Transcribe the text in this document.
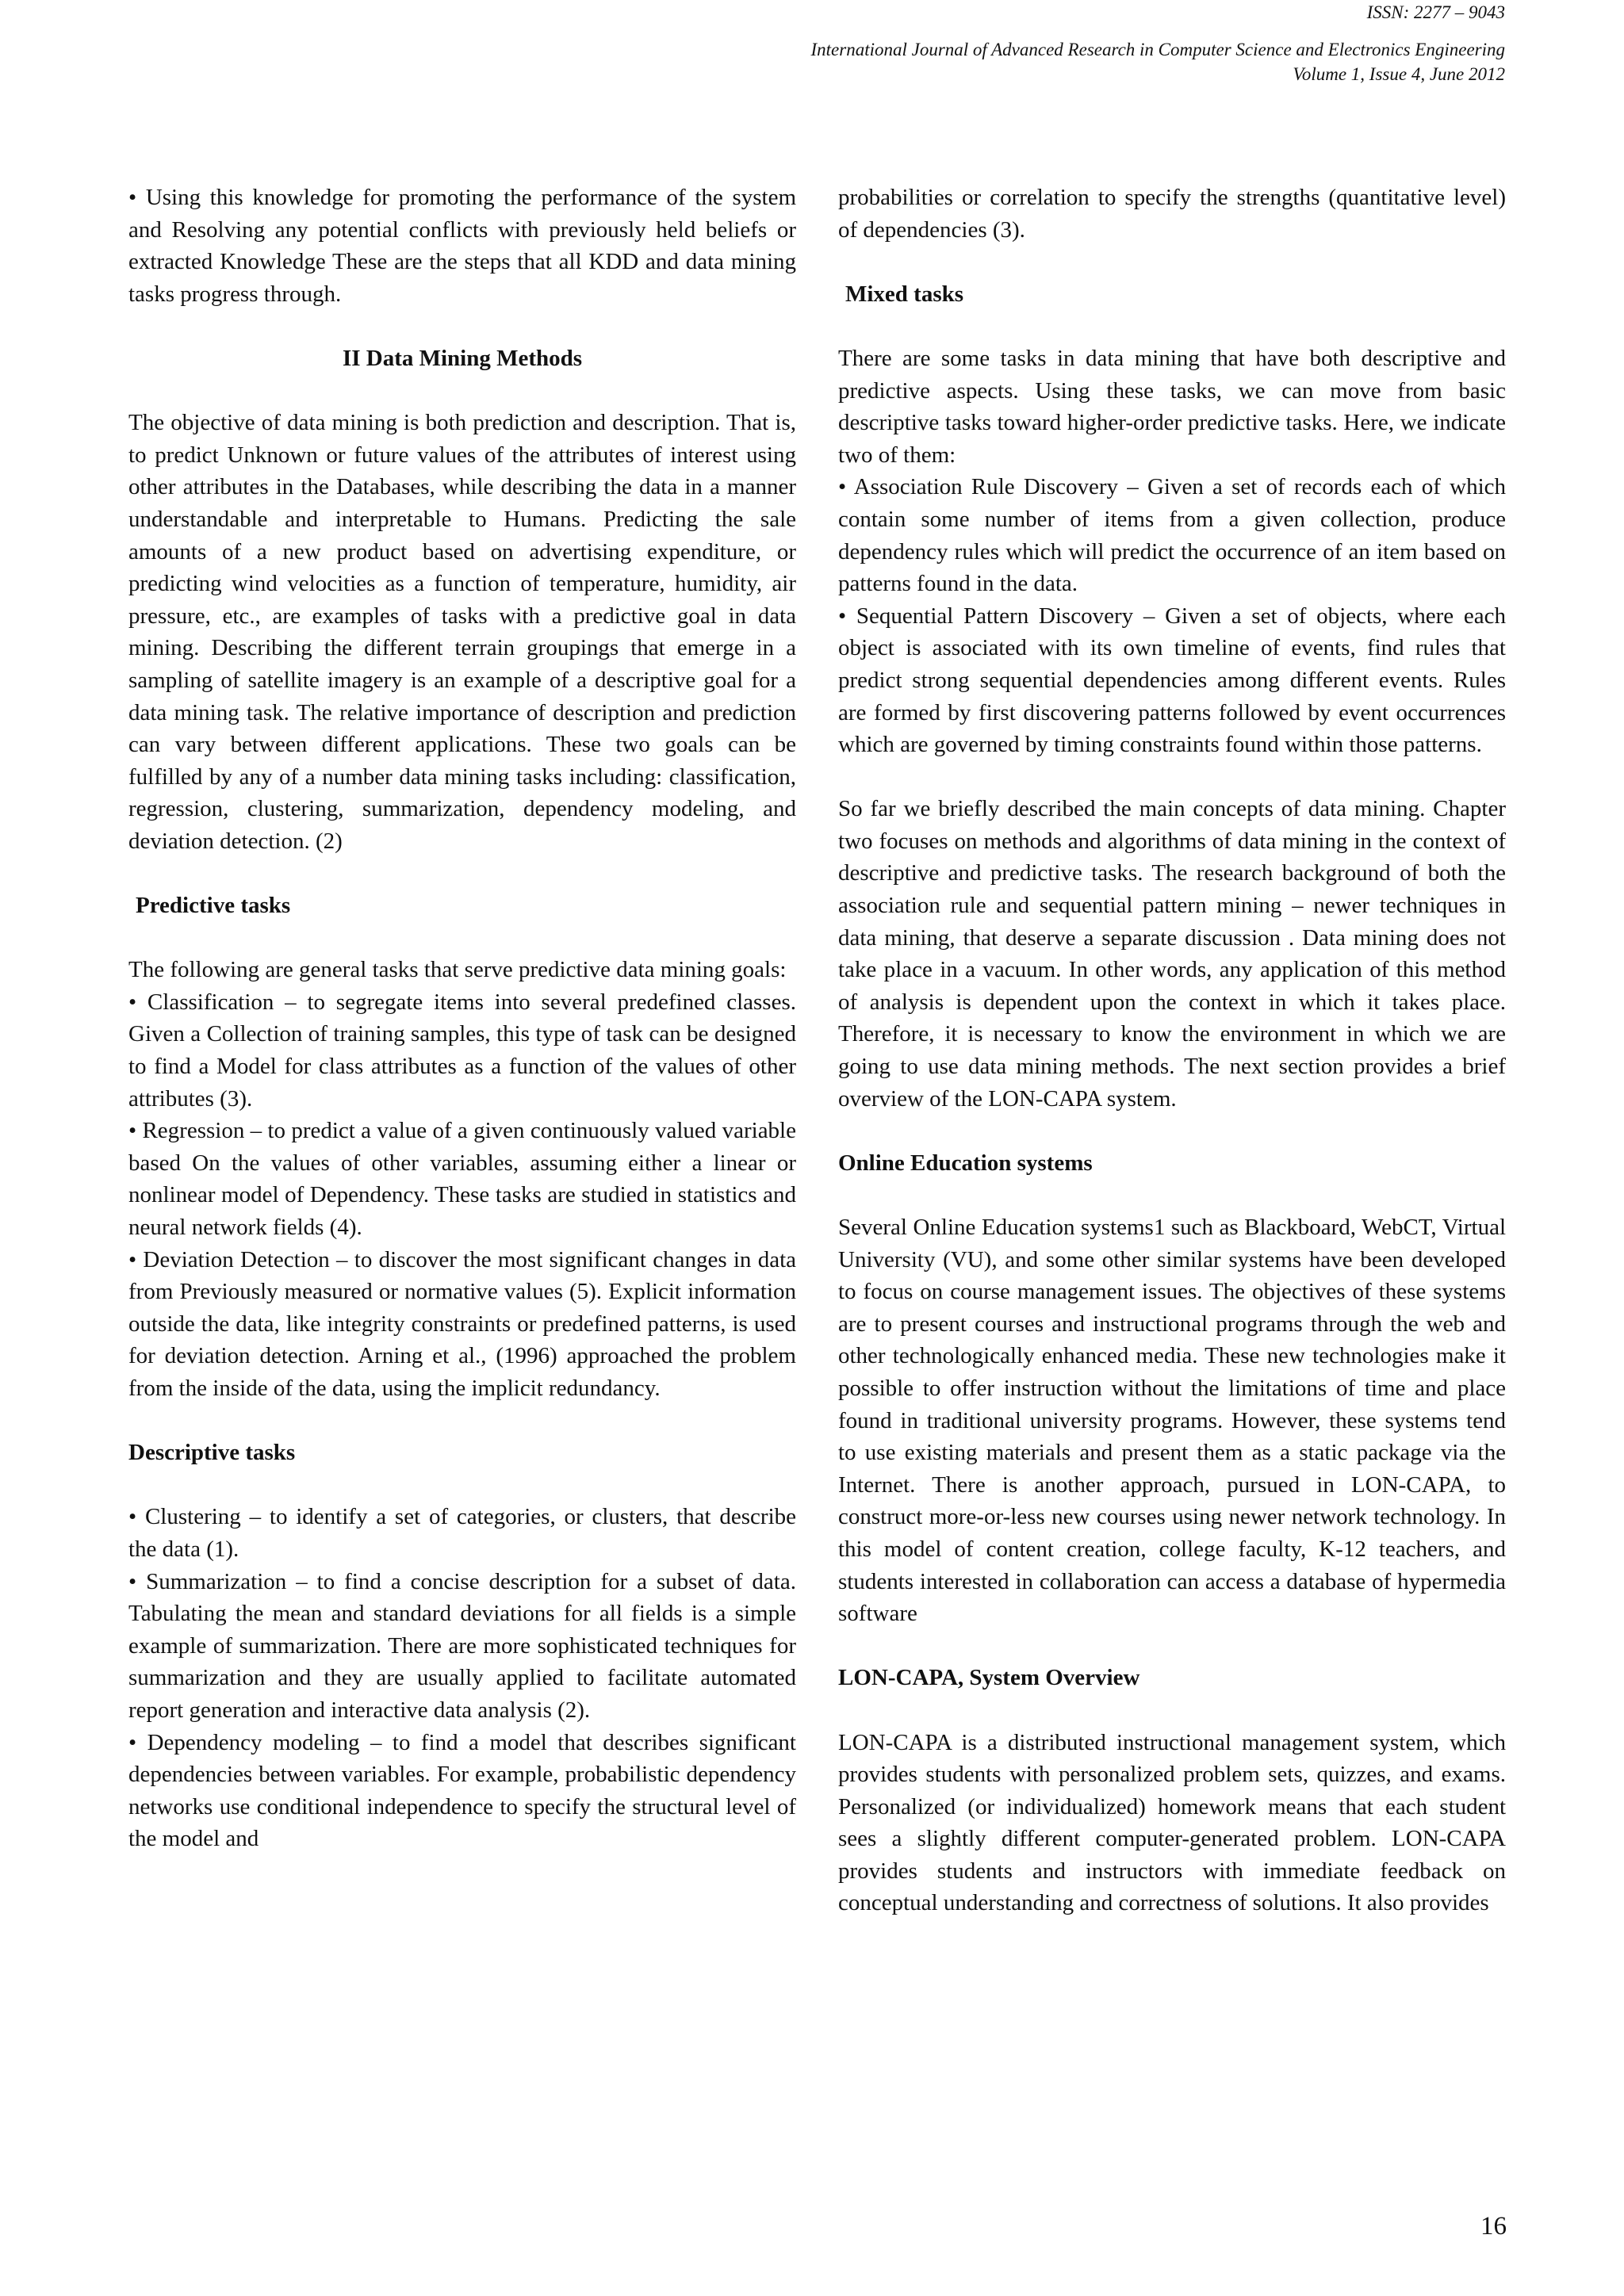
ISSN: 2277 – 9043
International Journal of Advanced Research in Computer Science and Electronics Engineering
Volume 1, Issue 4, June 2012

• Using this knowledge for promoting the performance of the system and Resolving any potential conflicts with previously held beliefs or extracted Knowledge These are the steps that all KDD and data mining tasks progress through.

II Data Mining Methods

The objective of data mining is both prediction and description. That is, to predict Unknown or future values of the attributes of interest using other attributes in the Databases, while describing the data in a manner understandable and interpretable to Humans. Predicting the sale amounts of a new product based on advertising expenditure, or predicting wind velocities as a function of temperature, humidity, air pressure, etc., are examples of tasks with a predictive goal in data mining. Describing the different terrain groupings that emerge in a sampling of satellite imagery is an example of a descriptive goal for a data mining task. The relative importance of description and prediction can vary between different applications. These two goals can be fulfilled by any of a number data mining tasks including: classification, regression, clustering, summarization, dependency modeling, and deviation detection. (2)

Predictive tasks

The following are general tasks that serve predictive data mining goals:

• Classification – to segregate items into several predefined classes. Given a Collection of training samples, this type of task can be designed to find a Model for class attributes as a function of the values of other attributes (3).

• Regression – to predict a value of a given continuously valued variable based On the values of other variables, assuming either a linear or nonlinear model of Dependency. These tasks are studied in statistics and neural network fields (4).

• Deviation Detection – to discover the most significant changes in data from Previously measured or normative values (5). Explicit information outside the data, like integrity constraints or predefined patterns, is used for deviation detection. Arning et al., (1996) approached the problem from the inside of the data, using the implicit redundancy.

Descriptive tasks

• Clustering – to identify a set of categories, or clusters, that describe the data (1).

• Summarization – to find a concise description for a subset of data. Tabulating the mean and standard deviations for all fields is a simple example of summarization. There are more sophisticated techniques for summarization and they are usually applied to facilitate automated report generation and interactive data analysis (2).

• Dependency modeling – to find a model that describes significant dependencies between variables. For example, probabilistic dependency networks use conditional independence to specify the structural level of the model and

probabilities or correlation to specify the strengths (quantitative level) of dependencies (3).

Mixed tasks

There are some tasks in data mining that have both descriptive and predictive aspects. Using these tasks, we can move from basic descriptive tasks toward higher-order predictive tasks. Here, we indicate two of them:

• Association Rule Discovery – Given a set of records each of which contain some number of items from a given collection, produce dependency rules which will predict the occurrence of an item based on patterns found in the data.

• Sequential Pattern Discovery – Given a set of objects, where each object is associated with its own timeline of events, find rules that predict strong sequential dependencies among different events. Rules are formed by first discovering patterns followed by event occurrences which are governed by timing constraints found within those patterns.

So far we briefly described the main concepts of data mining. Chapter two focuses on methods and algorithms of data mining in the context of descriptive and predictive tasks. The research background of both the association rule and sequential pattern mining – newer techniques in data mining, that deserve a separate discussion . Data mining does not take place in a vacuum. In other words, any application of this method of analysis is dependent upon the context in which it takes place. Therefore, it is necessary to know the environment in which we are going to use data mining methods. The next section provides a brief overview of the LON-CAPA system.

Online Education systems

Several Online Education systems1 such as Blackboard, WebCT, Virtual University (VU), and some other similar systems have been developed to focus on course management issues. The objectives of these systems are to present courses and instructional programs through the web and other technologically enhanced media. These new technologies make it possible to offer instruction without the limitations of time and place found in traditional university programs. However, these systems tend to use existing materials and present them as a static package via the Internet. There is another approach, pursued in LON-CAPA, to construct more-or-less new courses using newer network technology. In this model of content creation, college faculty, K-12 teachers, and students interested in collaboration can access a database of hypermedia software

LON-CAPA, System Overview

LON-CAPA is a distributed instructional management system, which provides students with personalized problem sets, quizzes, and exams. Personalized (or individualized) homework means that each student sees a slightly different computer-generated problem. LON-CAPA provides students and instructors with immediate feedback on conceptual understanding and correctness of solutions. It also provides

16
